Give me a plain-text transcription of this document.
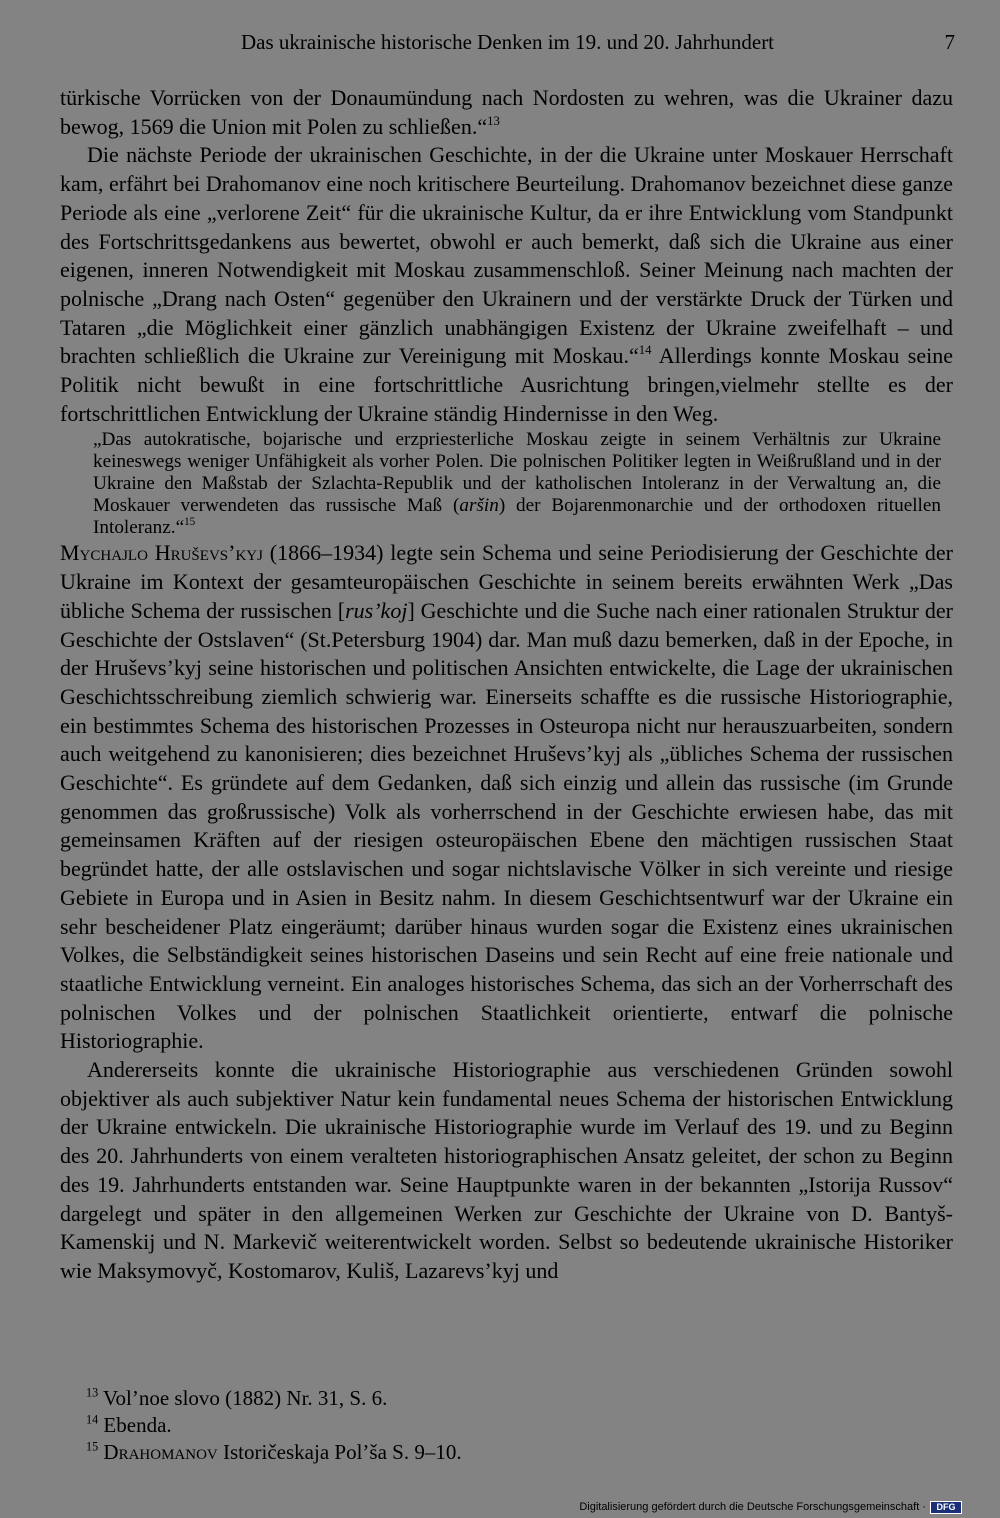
Das ukrainische historische Denken im 19. und 20. Jahrhundert	7

türkische Vorrücken von der Donaumündung nach Nordosten zu wehren, was die Ukrainer dazu bewog, 1569 die Union mit Polen zu schließen.“$^{13}$

Die nächste Periode der ukrainischen Geschichte, in der die Ukraine unter Moskauer Herrschaft kam, erfährt bei Drahomanov eine noch kritischere Beurteilung. Drahomanov bezeichnet diese ganze Periode als eine „verlorene Zeit“ für die ukrainische Kultur, da er ihre Entwicklung vom Standpunkt des Fortschrittsgedankens aus bewertet, obwohl er auch bemerkt, daß sich die Ukraine aus einer eigenen, inneren Notwendigkeit mit Moskau zusammenschloß. Seiner Meinung nach machten der polnische „Drang nach Osten“ gegenüber den Ukrainern und der verstärkte Druck der Türken und Tataren „die Möglichkeit einer gänzlich unabhängigen Existenz der Ukraine zweifelhaft – und brachten schließlich die Ukraine zur Vereinigung mit Moskau.“$^{14}$ Allerdings konnte Moskau seine Politik nicht bewußt in eine fortschrittliche Ausrichtung bringen,vielmehr stellte es der fortschrittlichen Entwicklung der Ukraine ständig Hindernisse in den Weg.

„Das autokratische, bojarische und erzpriesterliche Moskau zeigte in seinem Verhältnis zur Ukraine keineswegs weniger Unfähigkeit als vorher Polen. Die polnischen Politiker legten in Weißrußland und in der Ukraine den Maßstab der Szlachta-Republik und der katholischen Intoleranz in der Verwaltung an, die Moskauer verwendeten das russische Maß (aršin) der Bojarenmonarchie und der orthodoxen rituellen Intoleranz.“$^{15}$

Mychajlo Hruševs’kyj (1866–1934) legte sein Schema und seine Periodisierung der Geschichte der Ukraine im Kontext der gesamteuropäischen Geschichte in seinem bereits erwähnten Werk „Das übliche Schema der russischen [rus’koj] Geschichte und die Suche nach einer rationalen Struktur der Geschichte der Ostslaven“ (St.Petersburg 1904) dar. Man muß dazu bemerken, daß in der Epoche, in der Hruševs’kyj seine historischen und politischen Ansichten entwickelte, die Lage der ukrainischen Geschichtsschreibung ziemlich schwierig war. Einerseits schaffte es die russische Historiographie, ein bestimmtes Schema des historischen Prozesses in Osteuropa nicht nur herauszuarbeiten, sondern auch weitgehend zu kanonisieren; dies bezeichnet Hruševs’kyj als „übliches Schema der russischen Geschichte“. Es gründete auf dem Gedanken, daß sich einzig und allein das russische (im Grunde genommen das großrussische) Volk als vorherrschend in der Geschichte erwiesen habe, das mit gemeinsamen Kräften auf der riesigen osteuropäischen Ebene den mächtigen russischen Staat begründet hatte, der alle ostslavischen und sogar nichtslavische Völker in sich vereinte und riesige Gebiete in Europa und in Asien in Besitz nahm. In diesem Geschichtsentwurf war der Ukraine ein sehr bescheidener Platz eingeräumt; darüber hinaus wurden sogar die Existenz eines ukrainischen Volkes, die Selbständigkeit seines historischen Daseins und sein Recht auf eine freie nationale und staatliche Entwicklung verneint. Ein analoges historisches Schema, das sich an der Vorherrschaft des polnischen Volkes und der polnischen Staatlichkeit orientierte, entwarf die polnische Historiographie.

Andererseits konnte die ukrainische Historiographie aus verschiedenen Gründen sowohl objektiver als auch subjektiver Natur kein fundamental neues Schema der historischen Entwicklung der Ukraine entwickeln. Die ukrainische Historiographie wurde im Verlauf des 19. und zu Beginn des 20. Jahrhunderts von einem veralteten historiographischen Ansatz geleitet, der schon zu Beginn des 19. Jahrhunderts entstanden war. Seine Hauptpunkte waren in der bekannten „Istorija Russov“ dargelegt und später in den allgemeinen Werken zur Geschichte der Ukraine von D. Bantyš-Kamenskij und N. Markevič weiterentwickelt worden. Selbst so bedeutende ukrainische Historiker wie Maksymovyč, Kostomarov, Kuliš, Lazarevs’kyj und

$^{13}$ Vol’noe slovo (1882) Nr. 31, S. 6.

$^{14}$ Ebenda.

$^{15}$ Drahomanov Istoričeskaja Pol’ša S. 9–10.

Digitalisierung gefördert durch die Deutsche Forschungsgemeinschaft ·	DFG
